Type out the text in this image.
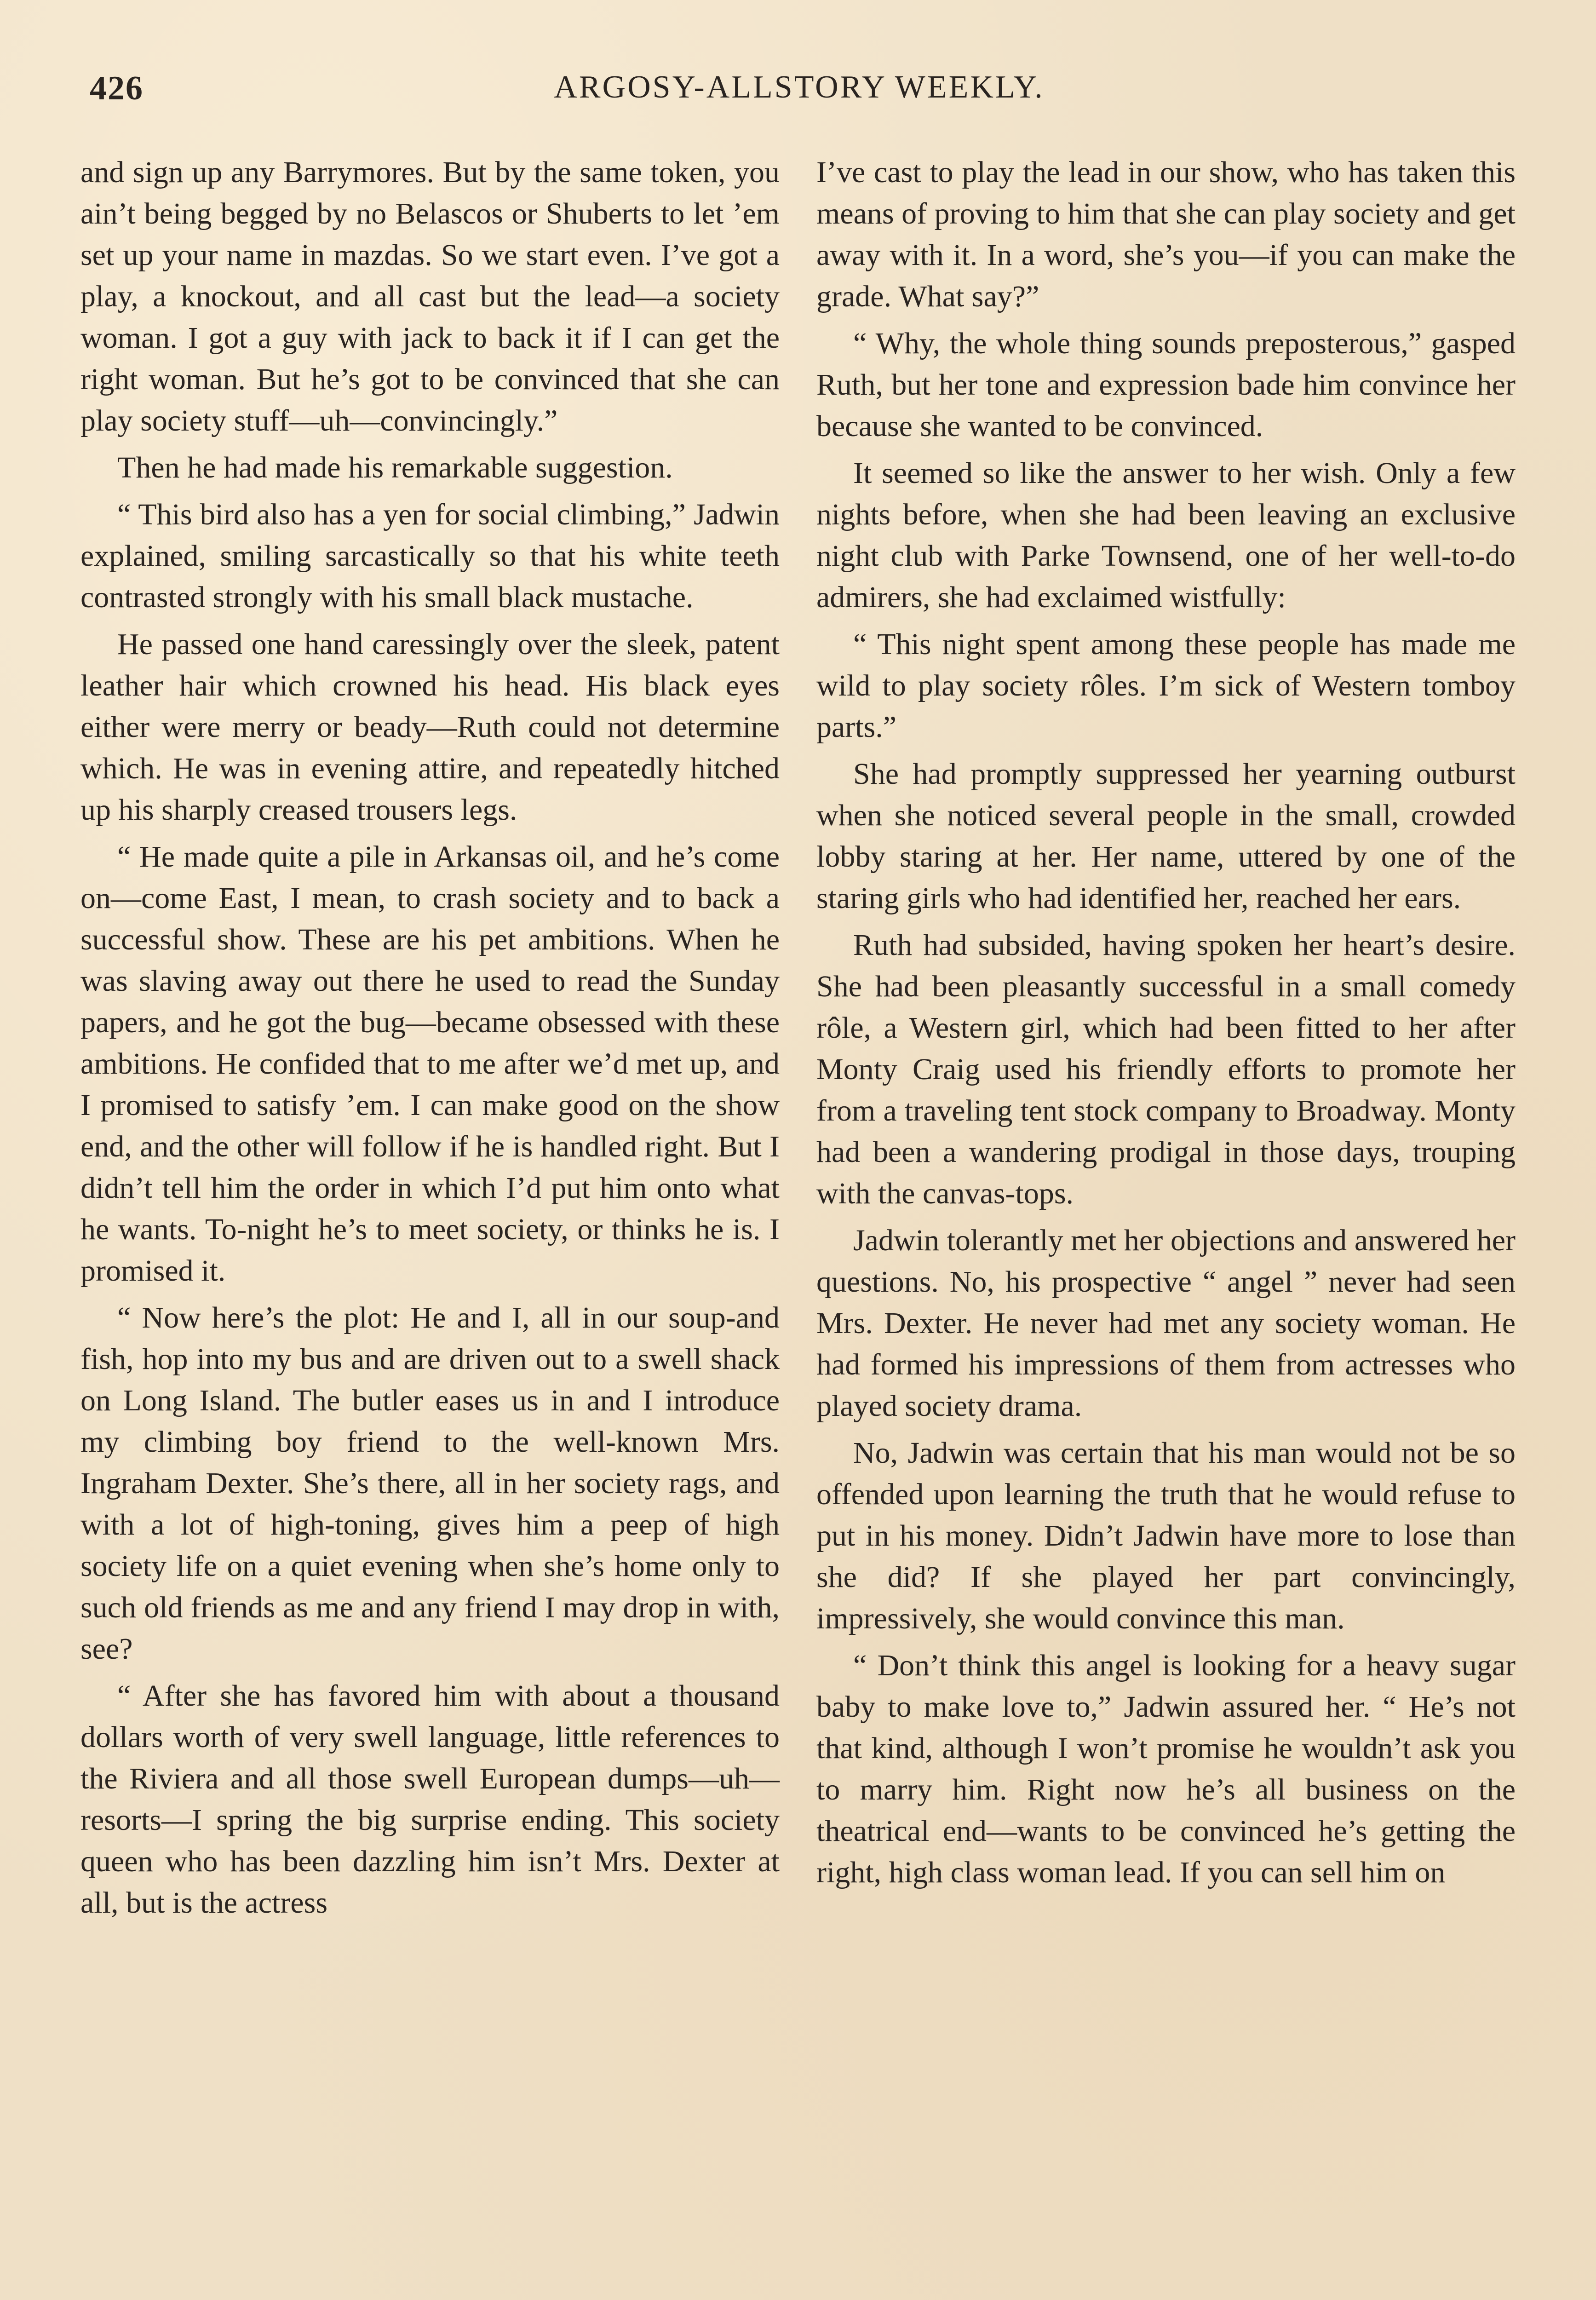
426	ARGOSY-ALLSTORY WEEKLY.

and sign up any Barrymores. But by the same token, you ain’t being begged by no Belascos or Shuberts to let ’em set up your name in mazdas. So we start even. I’ve got a play, a knockout, and all cast but the lead—a society woman. I got a guy with jack to back it if I can get the right woman. But he’s got to be convinced that she can play society stuff—uh—convincingly.”

Then he had made his remarkable suggestion.

“ This bird also has a yen for social climbing,” Jadwin explained, smiling sarcastically so that his white teeth contrasted strongly with his small black mustache.

He passed one hand caressingly over the sleek, patent leather hair which crowned his head. His black eyes either were merry or beady—Ruth could not determine which. He was in evening attire, and repeatedly hitched up his sharply creased trousers legs.

“ He made quite a pile in Arkansas oil, and he’s come on—come East, I mean, to crash society and to back a successful show. These are his pet ambitions. When he was slaving away out there he used to read the Sunday papers, and he got the bug—became obsessed with these ambitions. He confided that to me after we’d met up, and I promised to satisfy ’em. I can make good on the show end, and the other will follow if he is handled right. But I didn’t tell him the order in which I’d put him onto what he wants. To-night he’s to meet society, or thinks he is. I promised it.

“ Now here’s the plot: He and I, all in our soup-and fish, hop into my bus and are driven out to a swell shack on Long Island. The butler eases us in and I introduce my climbing boy friend to the well-known Mrs. Ingraham Dexter. She’s there, all in her society rags, and with a lot of high-toning, gives him a peep of high society life on a quiet evening when she’s home only to such old friends as me and any friend I may drop in with, see?

“ After she has favored him with about a thousand dollars worth of very swell language, little references to the Riviera and all those swell European dumps—uh—resorts—I spring the big surprise ending. This society queen who has been dazzling him isn’t Mrs. Dexter at all, but is the actress

I’ve cast to play the lead in our show, who has taken this means of proving to him that she can play society and get away with it. In a word, she’s you—if you can make the grade. What say?”

“ Why, the whole thing sounds preposterous,” gasped Ruth, but her tone and expression bade him convince her because she wanted to be convinced.

It seemed so like the answer to her wish. Only a few nights before, when she had been leaving an exclusive night club with Parke Townsend, one of her well-to-do admirers, she had exclaimed wistfully:

“ This night spent among these people has made me wild to play society rôles. I’m sick of Western tomboy parts.”

She had promptly suppressed her yearning outburst when she noticed several people in the small, crowded lobby staring at her. Her name, uttered by one of the staring girls who had identified her, reached her ears.

Ruth had subsided, having spoken her heart’s desire. She had been pleasantly successful in a small comedy rôle, a Western girl, which had been fitted to her after Monty Craig used his friendly efforts to promote her from a traveling tent stock company to Broadway. Monty had been a wandering prodigal in those days, trouping with the canvas-tops.

Jadwin tolerantly met her objections and answered her questions. No, his prospective “ angel ” never had seen Mrs. Dexter. He never had met any society woman. He had formed his impressions of them from actresses who played society drama.

No, Jadwin was certain that his man would not be so offended upon learning the truth that he would refuse to put in his money. Didn’t Jadwin have more to lose than she did? If she played her part convincingly, impressively, she would convince this man.

“ Don’t think this angel is looking for a heavy sugar baby to make love to,” Jadwin assured her. “ He’s not that kind, although I won’t promise he wouldn’t ask you to marry him. Right now he’s all business on the theatrical end—wants to be convinced he’s getting the right, high class woman lead. If you can sell him on
